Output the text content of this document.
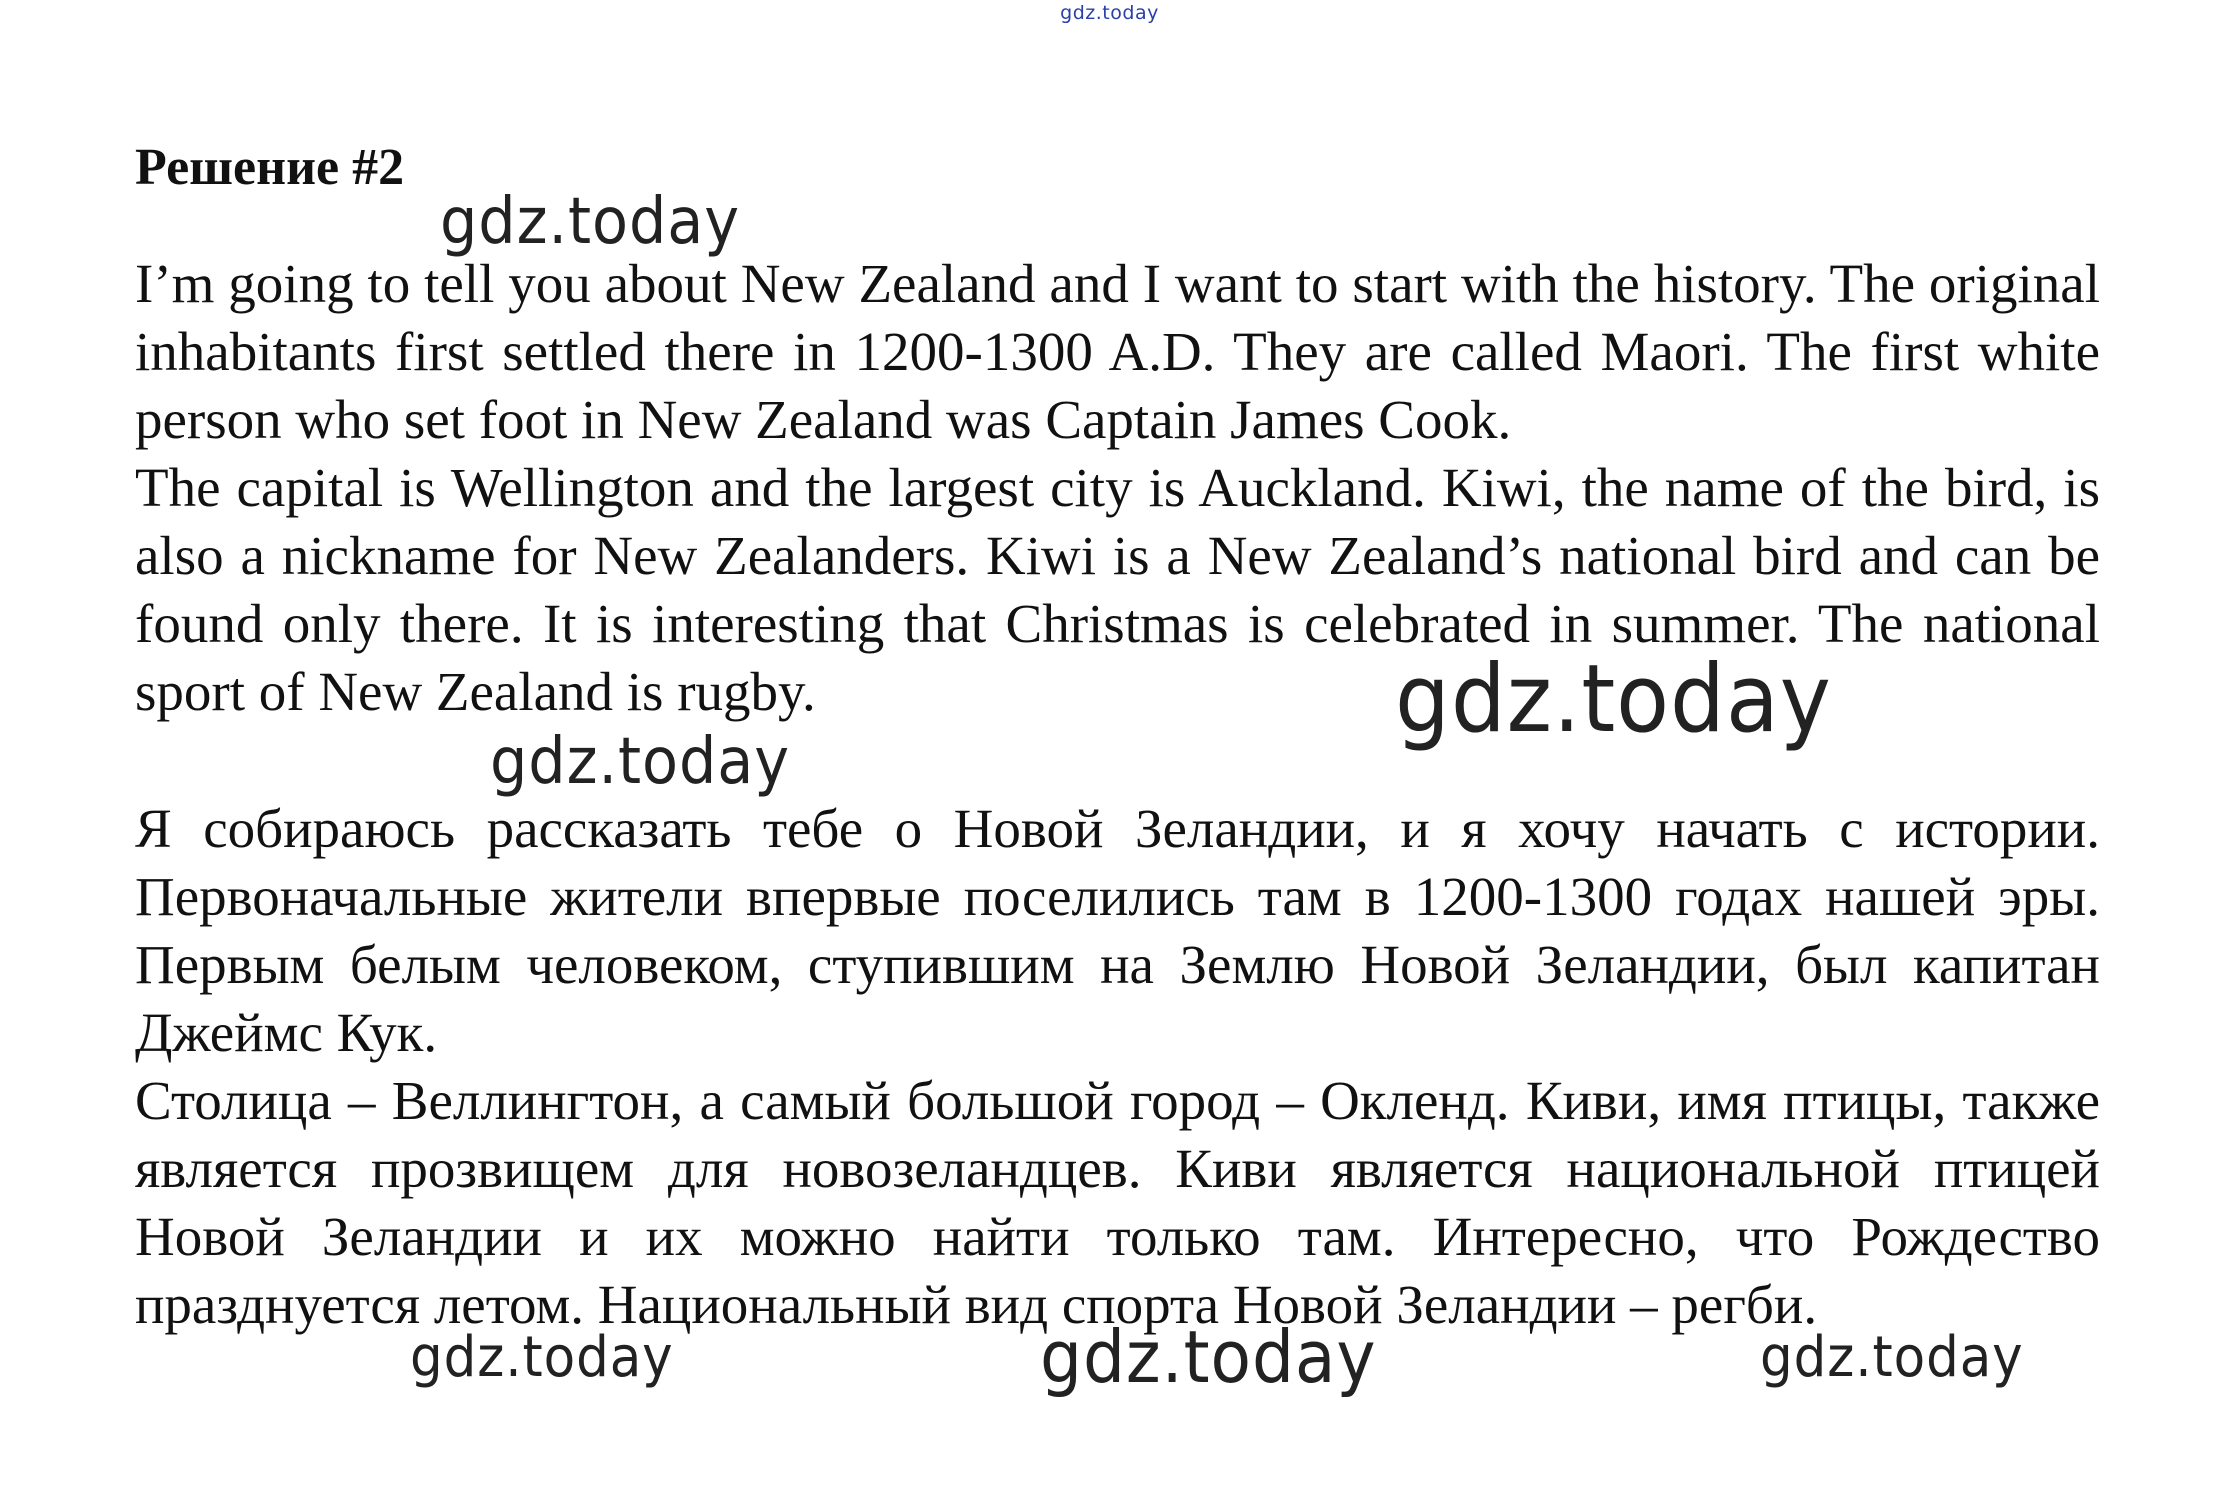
gdz.today
Решение #2

I’m going to tell you about New Zealand and I want to start with the history. The original inhabitants first settled there in 1200-1300 A.D. They are called Maori. The first white person who set foot in New Zealand was Captain James Cook.

The capital is Wellington and the largest city is Auckland. Kiwi, the name of the bird, is also a nickname for New Zealanders. Kiwi is a New Zealand’s national bird and can be found only there. It is interesting that Christmas is celebrated in summer. The national sport of New Zealand is rugby.

Я собираюсь рассказать тебе о Новой Зеландии, и я хочу начать с истории. Первоначальные жители впервые поселились там в 1200-1300 годах нашей эры. Первым белым человеком, ступившим на Землю Новой Зеландии, был капитан Джеймс Кук.

Столица – Веллингтон, а самый большой город – Окленд. Киви, имя птицы, также является прозвищем для новозеландцев. Киви является национальной птицей Новой Зеландии и их можно найти только там. Интересно, что Рождество празднуется летом. Национальный вид спорта Новой Зеландии – регби.

gdz.today
gdz.today
gdz.today
gdz.today	gdz.today	gdz.today
